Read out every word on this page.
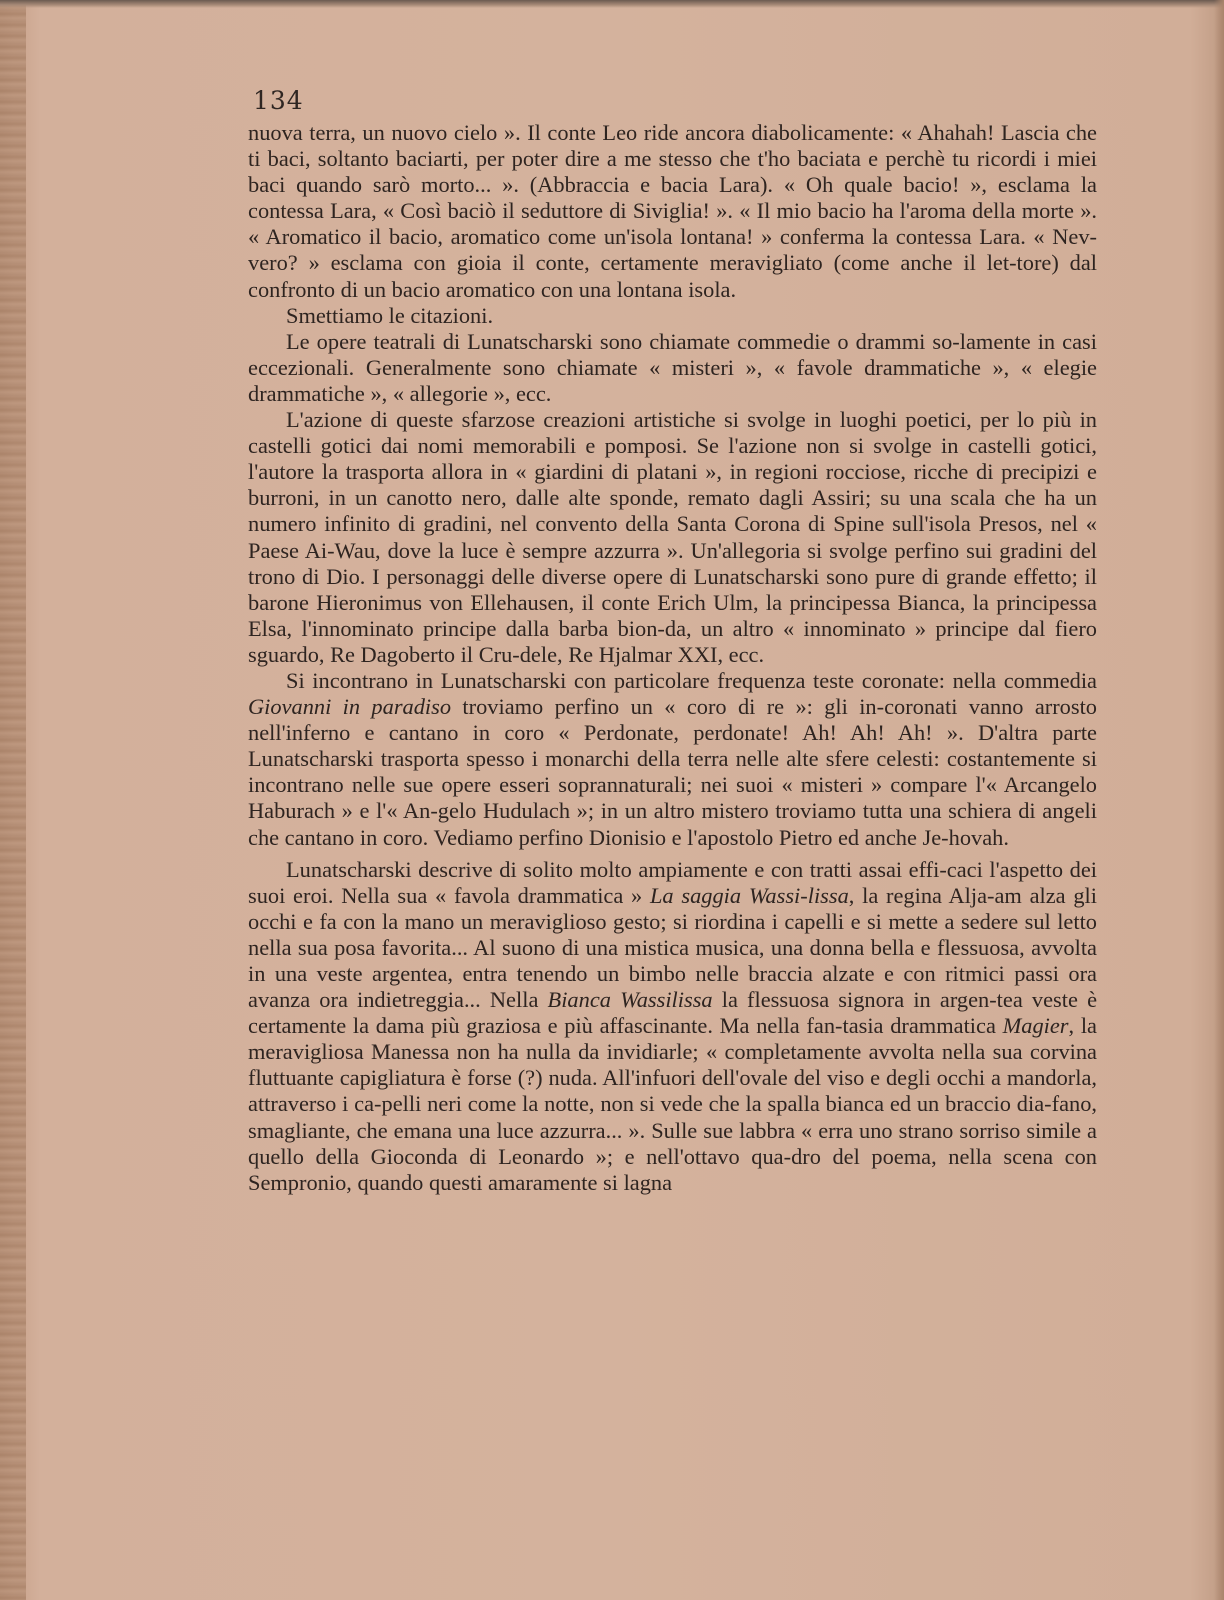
134

nuova terra, un nuovo cielo ». Il conte Leo ride ancora diabolicamente: « Ahahah! Lascia che ti baci, soltanto baciarti, per poter dire a me stesso che t'ho baciata e perchè tu ricordi i miei baci quando sarò morto... ». (Abbraccia e bacia Lara). « Oh quale bacio! », esclama la contessa Lara, « Così baciò il seduttore di Siviglia! ». « Il mio bacio ha l'aroma della morte ». « Aromatico il bacio, aromatico come un'isola lontana! » conferma la contessa Lara. « Nev-vero? » esclama con gioia il conte, certamente meravigliato (come anche il let-tore) dal confronto di un bacio aromatico con una lontana isola.

Smettiamo le citazioni.

Le opere teatrali di Lunatscharski sono chiamate commedie o drammi so-lamente in casi eccezionali. Generalmente sono chiamate « misteri », « favole drammatiche », « elegie drammatiche », « allegorie », ecc.

L'azione di queste sfarzose creazioni artistiche si svolge in luoghi poetici, per lo più in castelli gotici dai nomi memorabili e pomposi. Se l'azione non si svolge in castelli gotici, l'autore la trasporta allora in « giardini di platani », in regioni rocciose, ricche di precipizi e burroni, in un canotto nero, dalle alte sponde, remato dagli Assiri; su una scala che ha un numero infinito di gradini, nel convento della Santa Corona di Spine sull'isola Presos, nel « Paese Ai-Wau, dove la luce è sempre azzurra ». Un'allegoria si svolge perfino sui gradini del trono di Dio. I personaggi delle diverse opere di Lunatscharski sono pure di grande effetto; il barone Hieronimus von Ellehausen, il conte Erich Ulm, la principessa Bianca, la principessa Elsa, l'innominato principe dalla barba bion-da, un altro « innominato » principe dal fiero sguardo, Re Dagoberto il Cru-dele, Re Hjalmar XXI, ecc.

Si incontrano in Lunatscharski con particolare frequenza teste coronate: nella commedia Giovanni in paradiso troviamo perfino un « coro di re »: gli in-coronati vanno arrosto nell'inferno e cantano in coro « Perdonate, perdonate! Ah! Ah! Ah! ». D'altra parte Lunatscharski trasporta spesso i monarchi della terra nelle alte sfere celesti: costantemente si incontrano nelle sue opere esseri soprannaturali; nei suoi « misteri » compare l'« Arcangelo Haburach » e l'« An-gelo Hudulach »; in un altro mistero troviamo tutta una schiera di angeli che cantano in coro. Vediamo perfino Dionisio e l'apostolo Pietro ed anche Je-hovah.

Lunatscharski descrive di solito molto ampiamente e con tratti assai effi-caci l'aspetto dei suoi eroi. Nella sua « favola drammatica » La saggia Wassi-lissa, la regina Alja-am alza gli occhi e fa con la mano un meraviglioso gesto; si riordina i capelli e si mette a sedere sul letto nella sua posa favorita... Al suono di una mistica musica, una donna bella e flessuosa, avvolta in una veste argentea, entra tenendo un bimbo nelle braccia alzate e con ritmici passi ora avanza ora indietreggia... Nella Bianca Wassilissa la flessuosa signora in argen-tea veste è certamente la dama più graziosa e più affascinante. Ma nella fan-tasia drammatica Magier, la meravigliosa Manessa non ha nulla da invidiarle; « completamente avvolta nella sua corvina fluttuante capigliatura è forse (?) nuda. All'infuori dell'ovale del viso e degli occhi a mandorla, attraverso i ca-pelli neri come la notte, non si vede che la spalla bianca ed un braccio dia-fano, smagliante, che emana una luce azzurra... ». Sulle sue labbra « erra uno strano sorriso simile a quello della Gioconda di Leonardo »; e nell'ottavo qua-dro del poema, nella scena con Sempronio, quando questi amaramente si lagna
